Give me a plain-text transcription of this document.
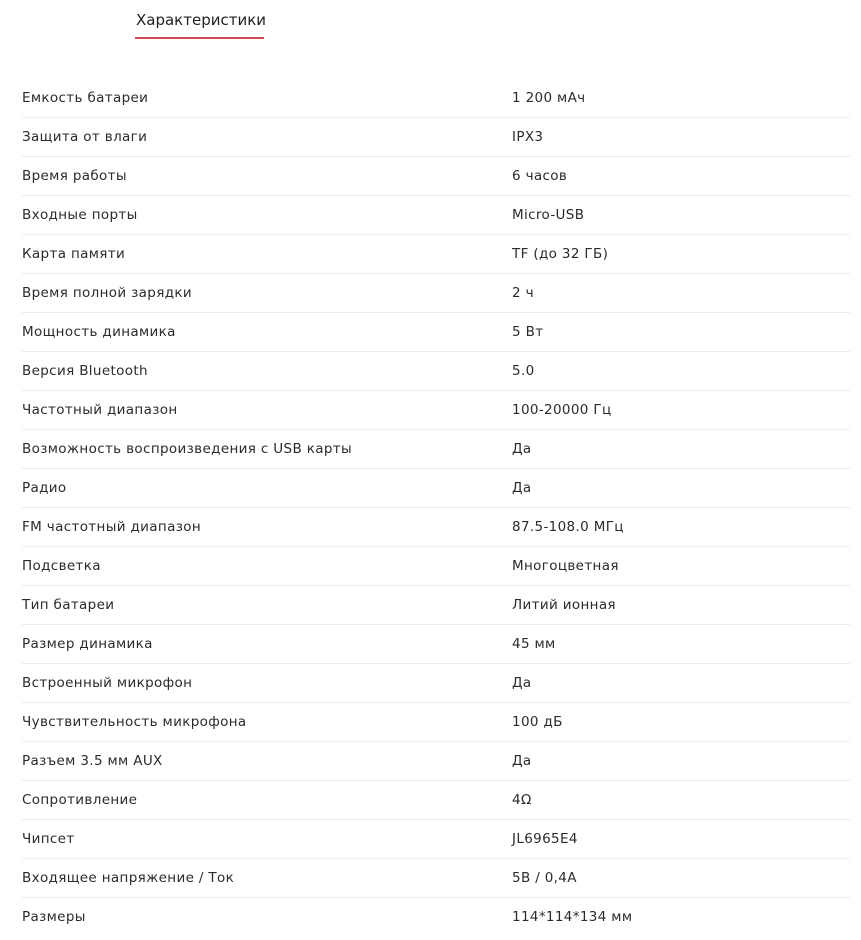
Характеристики
Емкость батареи	1 200 мАч
Защита от влаги	IPX3
Время работы	6 часов
Входные порты	Micro-USB
Карта памяти	TF (до 32 ГБ)
Время полной зарядки	2 ч
Мощность динамика	5 Вт
Версия Bluetooth	5.0
Частотный диапазон	100-20000 Гц
Возможность воспроизведения с USB карты	Да
Радио	Да
FM частотный диапазон	87.5-108.0 МГц
Подсветка	Многоцветная
Тип батареи	Литий ионная
Размер динамика	45 мм
Встроенный микрофон	Да
Чувствительность микрофона	100 дБ
Разъем 3.5 мм AUX	Да
Сопротивление	4Ω
Чипсет	JL6965E4
Входящее напряжение / Ток	5В / 0,4А
Размеры	114*114*134 мм
